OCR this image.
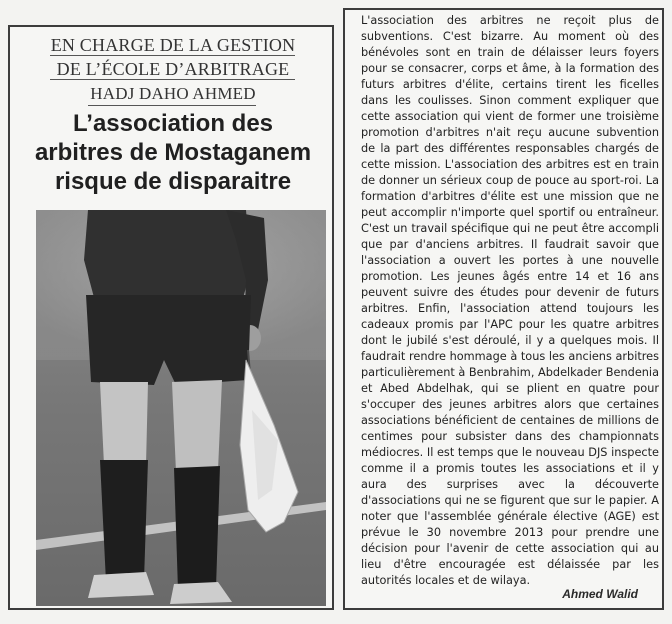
EN CHARGE DE LA GESTION
DE L’ÉCOLE D’ARBITRAGE
HADJ DAHO AHMED
L’association des
arbitres de Mostaganem
risque de disparaitre

L'association des arbitres ne reçoit plus de subventions. C'est bizarre. Au moment où des bénévoles sont en train de délaisser leurs foyers pour se consacrer, corps et âme, à la formation des futurs arbitres d'élite, certains tirent les ficelles dans les coulisses. Sinon comment expliquer que cette association qui vient de former une troisième promotion d'arbitres n'ait reçu aucune subvention de la part des différentes responsables chargés de cette mission. L'association des arbitres est en train de donner un sérieux coup de pouce au sport-roi. La formation d'arbitres d'élite est une mission que ne peut accomplir n'importe quel sportif ou entraîneur. C'est un travail spécifique qui ne peut être accompli que par d'anciens arbitres. Il faudrait savoir que l'association a ouvert les portes à une nouvelle promotion. Les jeunes âgés entre 14 et 16 ans peuvent suivre des études pour devenir de futurs arbitres. Enfin, l'association attend toujours les cadeaux promis par l'APC pour les quatre arbitres dont le jubilé s'est déroulé, il y a quelques mois. Il faudrait rendre hommage à tous les anciens arbitres particulièrement à Benbrahim, Abdelkader Bendenia et Abed Abdelhak, qui se plient en quatre pour s'occuper des jeunes arbitres alors que certaines associations bénéficient de centaines de millions de centimes pour subsister dans des championnats médiocres. Il est temps que le nouveau DJS inspecte comme il a promis toutes les associations et il y aura des surprises avec la découverte d'associations qui ne se figurent que sur le papier. A noter que l'assemblée générale élective (AGE) est prévue le 30 novembre 2013 pour prendre une décision pour l'avenir de cette association qui au lieu d'être encouragée est délaissée par les autorités locales et de wilaya.

Ahmed Walid
